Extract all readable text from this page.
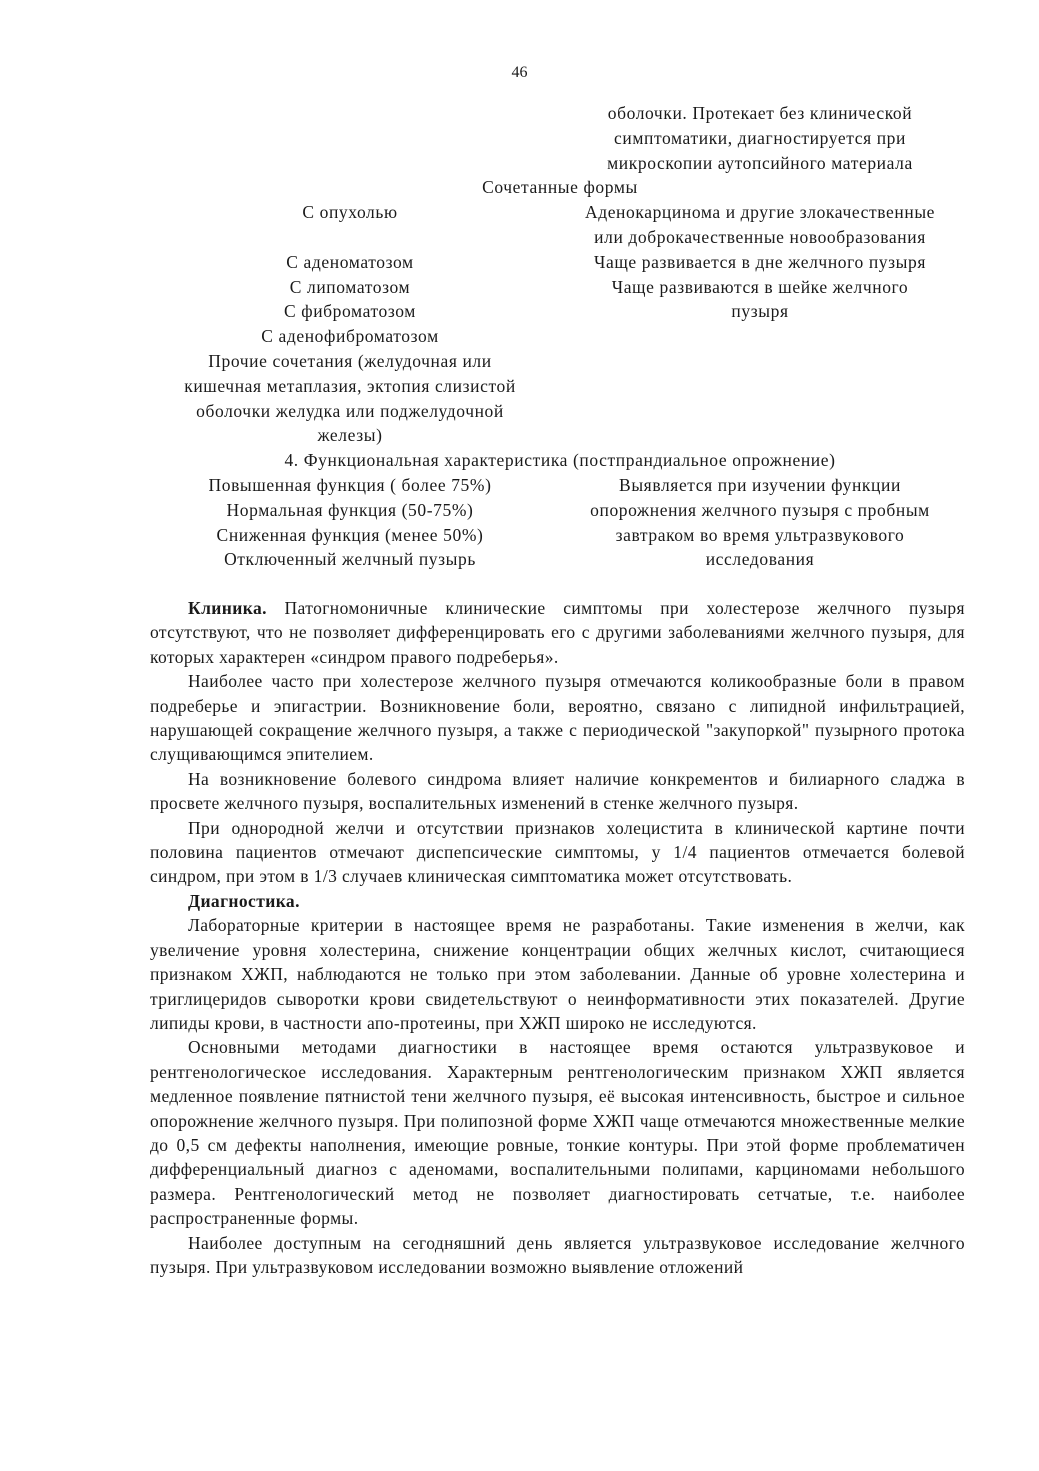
46
оболочки. Протекает без клинической
симптоматики, диагностируется при
микроскопии аутопсийного материала
Сочетанные формы
С опухолью	Аденокарцинома и другие злокачественные
или доброкачественные новообразования
С аденоматозом	Чаще развивается в дне желчного пузыря
С липоматозом	Чаще развиваются в шейке желчного
С фиброматозом	пузыря
С аденофиброматозом
Прочие сочетания (желудочная или
кишечная метаплазия, эктопия слизистой
оболочки желудка или поджелудочной
железы)
4. Функциональная характеристика (постпрандиальное опрожнение)
Повышенная функция ( более 75%)	Выявляется при изучении функции
Нормальная функция (50-75%)	опорожнения желчного пузыря с пробным
Сниженная функция (менее 50%)	завтраком во время ультразвукового
Отключенный желчный пузырь	исследования

Клиника. Патогномоничные клинические симптомы при холестерозе желчного пузыря отсутствуют, что не позволяет дифференцировать его с другими заболеваниями желчного пузыря, для которых характерен «синдром правого подреберья».

Наиболее часто при холестерозе желчного пузыря отмечаются коликообразные боли в правом подреберье и эпигастрии. Возникновение боли, вероятно, связано с липидной инфильтрацией, нарушающей сокращение желчного пузыря, а также с периодической "закупоркой" пузырного протока слущивающимся эпителием.

На возникновение болевого синдрома влияет наличие конкрементов и билиарного сладжа в просвете желчного пузыря, воспалительных изменений в стенке желчного пузыря.

При однородной желчи и отсутствии признаков холецистита в клинической картине почти половина пациентов отмечают диспепсические симптомы, у 1/4 пациентов отмечается болевой синдром, при этом в 1/3 случаев клиническая симптоматика может отсутствовать.

Диагностика.

Лабораторные критерии в настоящее время не разработаны. Такие изменения в желчи, как увеличение уровня холестерина, снижение концентрации общих желчных кислот, считающиеся признаком ХЖП, наблюдаются не только при этом заболевании. Данные об уровне холестерина и триглицеридов сыворотки крови свидетельствуют о неинформативности этих показателей. Другие липиды крови, в частности апо-протеины, при ХЖП широко не исследуются.

Основными методами диагностики в настоящее время остаются ультразвуковое и рентгенологическое исследования. Характерным рентгенологическим признаком ХЖП является медленное появление пятнистой тени желчного пузыря, её высокая интенсивность, быстрое и сильное опорожнение желчного пузыря. При полипозной форме ХЖП чаще отмечаются множественные мелкие до 0,5 см дефекты наполнения, имеющие ровные, тонкие контуры. При этой форме проблематичен дифференциальный диагноз с аденомами, воспалительными полипами, карциномами небольшого размера. Рентгенологический метод не позволяет диагностировать сетчатые, т.е. наиболее распространенные формы.

Наиболее доступным на сегодняшний день является ультразвуковое исследование желчного пузыря. При ультразвуковом исследовании возможно выявление отложений
